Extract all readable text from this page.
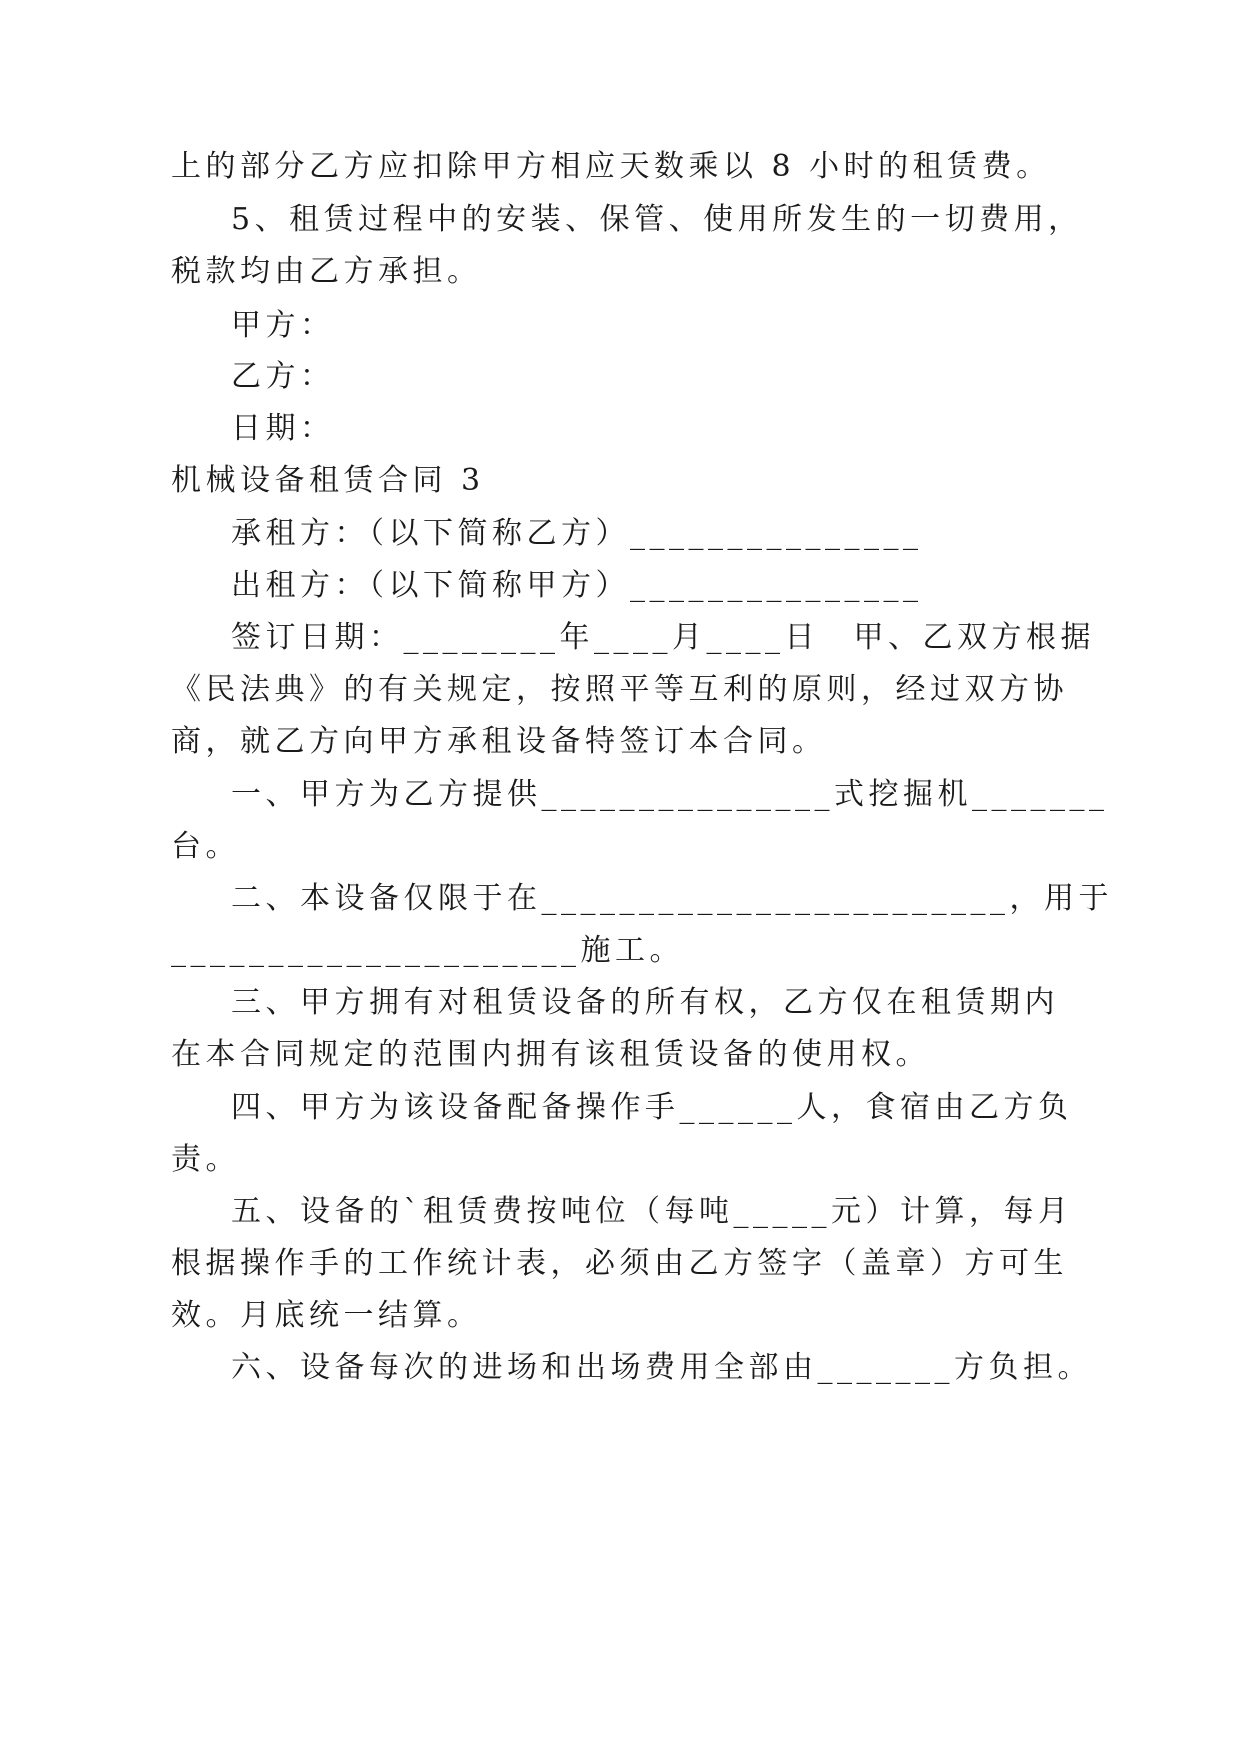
上的部分乙方应扣除甲方相应天数乘以 8 小时的租赁费。
5、租赁过程中的安装、保管、使用所发生的一切费用，
税款均由乙方承担。
甲方：
乙方：
日期：
机械设备租赁合同 3
承租方：（以下简称乙方）_______________
出租方：（以下简称甲方）_______________
签订日期：________年____月____日　甲、乙双方根据
《民法典》的有关规定，按照平等互利的原则，经过双方协
商，就乙方向甲方承租设备特签订本合同。
一、甲方为乙方提供_______________式挖掘机_______
台。
二、本设备仅限于在________________________，用于
_____________________施工。
三、甲方拥有对租赁设备的所有权，乙方仅在租赁期内
在本合同规定的范围内拥有该租赁设备的使用权。
四、甲方为该设备配备操作手______人，食宿由乙方负
责。
五、设备的`租赁费按吨位（每吨_____元）计算，每月
根据操作手的工作统计表，必须由乙方签字（盖章）方可生
效。月底统一结算。
六、设备每次的进场和出场费用全部由_______方负担。
